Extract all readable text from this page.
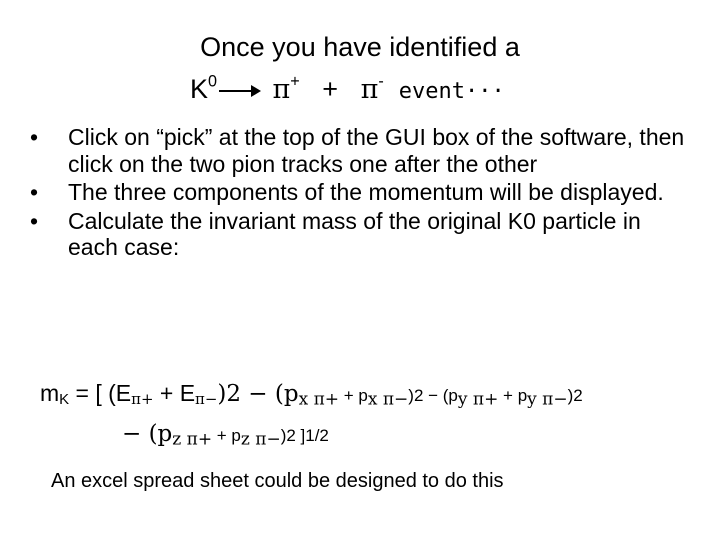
Once you have identified a
$K^0$ π+ + π- event···
• Click on “pick” at the top of the GUI box of the software, then click on the two pion tracks one after the other
• The three components of the momentum will be displayed.
• Calculate the invariant mass of the original K0 particle in each case:
$m_K$ = [ $(E_{\pi+} + E_{\pi-})2 - (p_{x \pi+} + p_{x \pi-})2 - (p_{y \pi+} + p_{y \pi-})2$
− $(p_{z \pi+} + p_{z \pi-})2$ ]1/2
An excel spread sheet could be designed to do this
